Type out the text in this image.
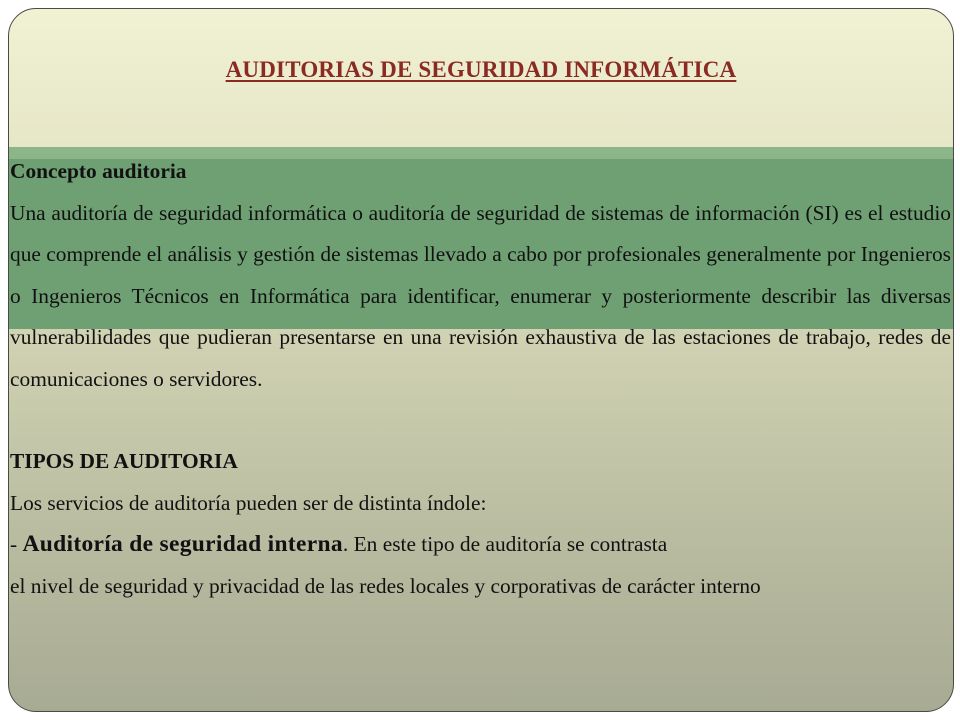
AUDITORIAS DE SEGURIDAD INFORMÁTICA

Concepto auditoria

Una auditoría de seguridad informática o auditoría de seguridad de sistemas de información (SI) es el estudio que comprende el análisis y gestión de sistemas llevado a cabo por profesionales generalmente por Ingenieros o Ingenieros Técnicos en Informática para identificar, enumerar y posteriormente describir las diversas vulnerabilidades que pudieran presentarse en una revisión exhaustiva de las estaciones de trabajo, redes de comunicaciones o servidores.

TIPOS DE AUDITORIA

Los servicios de auditoría pueden ser de distinta índole:

- Auditoría de seguridad interna. En este tipo de auditoría se contrasta

el nivel de seguridad y privacidad de las redes locales y corporativas de carácter interno
